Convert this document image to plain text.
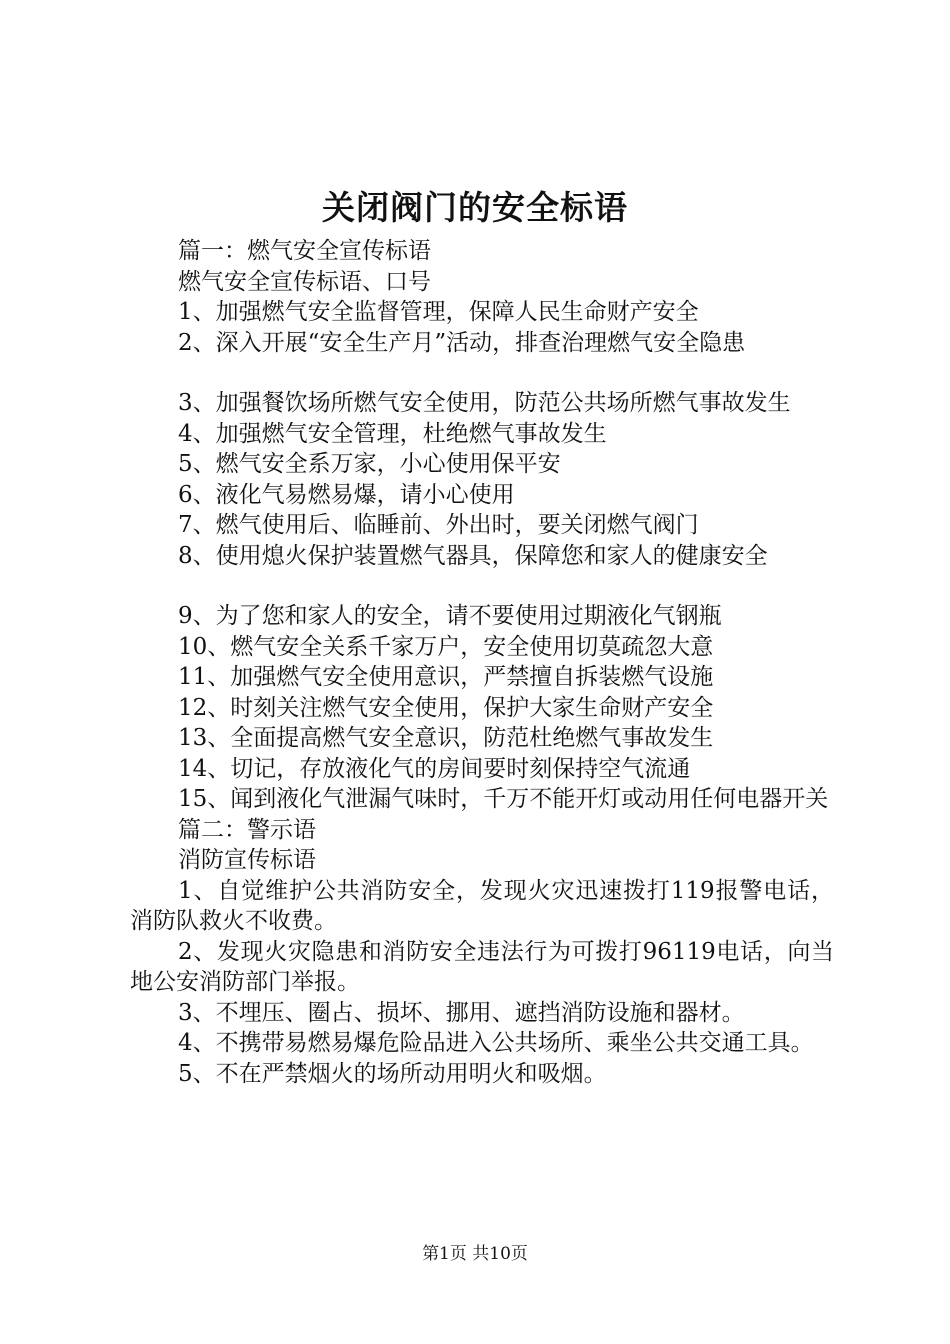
关闭阀门的安全标语

篇一：燃气安全宣传标语

燃气安全宣传标语、口号

1、加强燃气安全监督管理，保障人民生命财产安全

2、深入开展“安全生产月”活动，排查治理燃气安全隐患

3、加强餐饮场所燃气安全使用，防范公共场所燃气事故发生

4、加强燃气安全管理，杜绝燃气事故发生

5、燃气安全系万家，小心使用保平安

6、液化气易燃易爆，请小心使用

7、燃气使用后、临睡前、外出时，要关闭燃气阀门

8、使用熄火保护装置燃气器具，保障您和家人的健康安全

9、为了您和家人的安全，请不要使用过期液化气钢瓶

10、燃气安全关系千家万户，安全使用切莫疏忽大意

11、加强燃气安全使用意识，严禁擅自拆装燃气设施

12、时刻关注燃气安全使用，保护大家生命财产安全

13、全面提高燃气安全意识，防范杜绝燃气事故发生

14、切记，存放液化气的房间要时刻保持空气流通

15、闻到液化气泄漏气味时，千万不能开灯或动用任何电器开关

篇二：警示语

消防宣传标语

1、自觉维护公共消防安全，发现火灾迅速拨打119报警电话，消防队救火不收费。

2、发现火灾隐患和消防安全违法行为可拨打96119电话，向当地公安消防部门举报。

3、不埋压、圈占、损坏、挪用、遮挡消防设施和器材。

4、不携带易燃易爆危险品进入公共场所、乘坐公共交通工具。

5、不在严禁烟火的场所动用明火和吸烟。

第1页 共10页
